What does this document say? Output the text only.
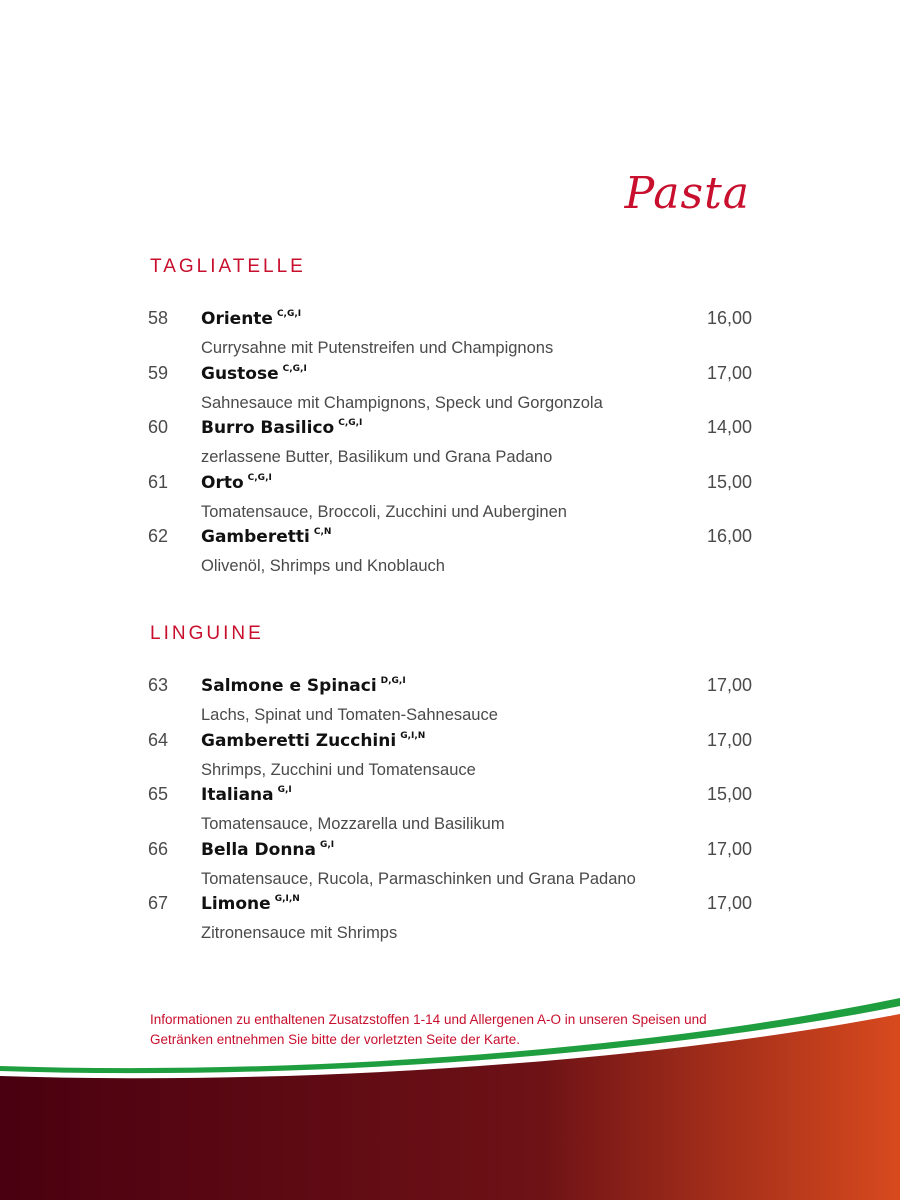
Pasta
TAGLIATELLE
58	Oriente C,G,I	16,00
Currysahne mit Putenstreifen und Champignons
59	Gustose C,G,I	17,00
Sahnesauce mit Champignons, Speck und Gorgonzola
60	Burro Basilico C,G,I	14,00
zerlassene Butter, Basilikum und Grana Padano
61	Orto C,G,I	15,00
Tomatensauce, Broccoli, Zucchini und Auberginen
62	Gamberetti C,N	16,00
Olivenöl, Shrimps und Knoblauch
LINGUINE
63	Salmone e Spinaci D,G,I	17,00
Lachs, Spinat und Tomaten-Sahnesauce
64	Gamberetti Zucchini G,I,N	17,00
Shrimps, Zucchini und Tomatensauce
65	Italiana G,I	15,00
Tomatensauce, Mozzarella und Basilikum
66	Bella Donna G,I	17,00
Tomatensauce, Rucola, Parmaschinken und Grana Padano
67	Limone G,I,N	17,00
Zitronensauce mit Shrimps
Informationen zu enthaltenen Zusatzstoffen 1-14 und Allergenen A-O in unseren Speisen und Getränken entnehmen Sie bitte der vorletzten Seite der Karte.
